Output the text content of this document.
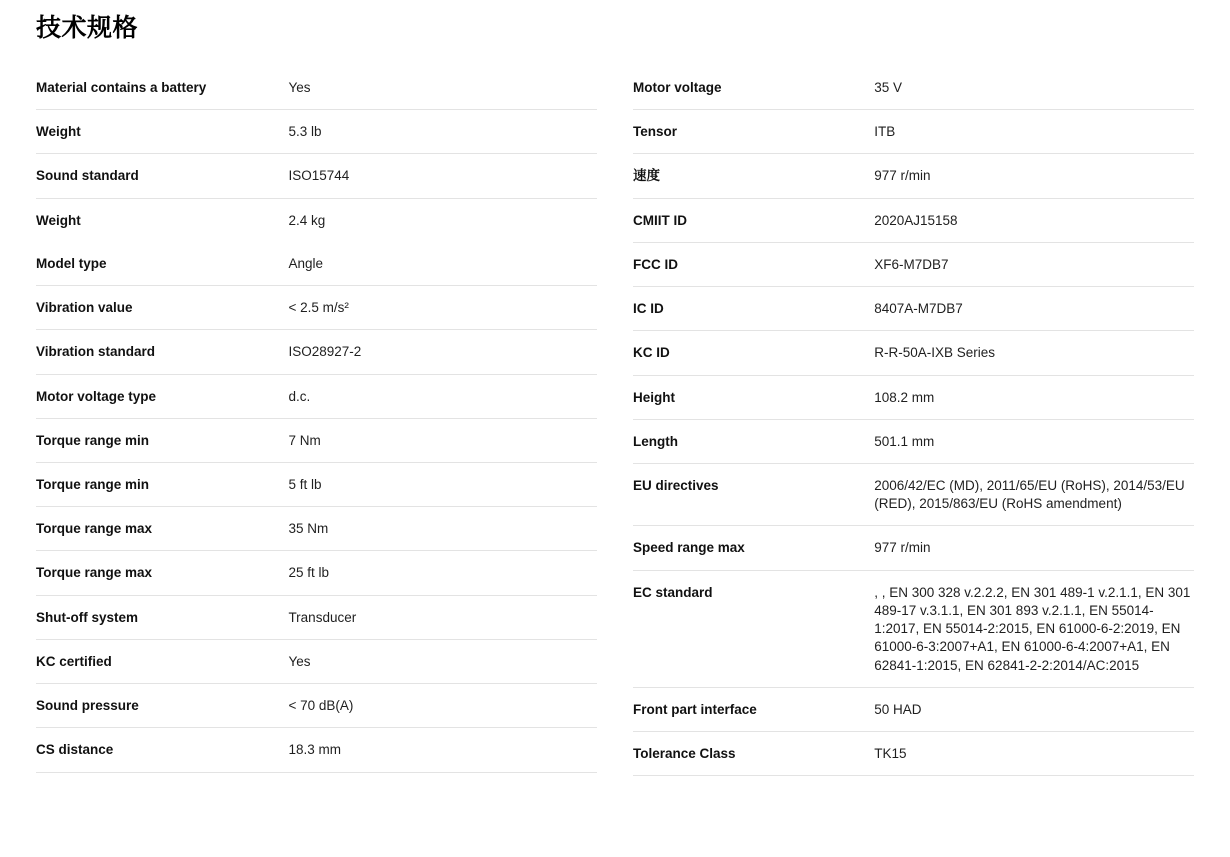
技术规格
Material contains a battery	Yes
Weight	5.3 lb
Sound standard	ISO15744
Weight	2.4 kg
Model type	Angle
Vibration value	< 2.5 m/s²
Vibration standard	ISO28927-2
Motor voltage type	d.c.
Torque range min	7 Nm
Torque range min	5 ft lb
Torque range max	35 Nm
Torque range max	25 ft lb
Shut-off system	Transducer
KC certified	Yes
Sound pressure	< 70 dB(A)
CS distance	18.3 mm
Motor voltage	35 V
Tensor	ITB
速度	977 r/min
CMIIT ID	2020AJ15158
FCC ID	XF6-M7DB7
IC ID	8407A-M7DB7
KC ID	R-R-50A-IXB Series
Height	108.2 mm
Length	501.1 mm
EU directives	2006/42/EC (MD), 2011/65/EU (RoHS), 2014/53/EU (RED), 2015/863/EU (RoHS amendment)
Speed range max	977 r/min
EC standard	, , EN 300 328 v.2.2.2, EN 301 489-1 v.2.1.1, EN 301 489-17 v.3.1.1, EN 301 893 v.2.1.1, EN 55014-1:2017, EN 55014-2:2015, EN 61000-6-2:2019, EN 61000-6-3:2007+A1, EN 61000-6-4:2007+A1, EN 62841-1:2015, EN 62841-2-2:2014/AC:2015
Front part interface	50 HAD
Tolerance Class	TK15
